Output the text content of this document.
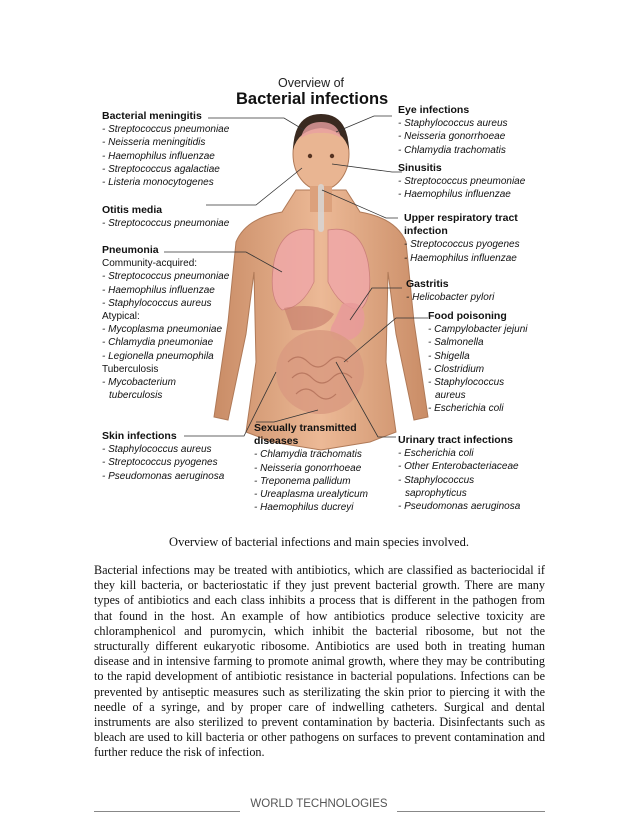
Overview of
Bacterial infections
Bacterial meningitis
- Streptococcus pneumoniae
- Neisseria meningitidis
- Haemophilus influenzae
- Streptococcus agalactiae
- Listeria monocytogenes
Otitis media
- Streptococcus pneumoniae
Pneumonia
Community-acquired:
- Streptococcus pneumoniae
- Haemophilus influenzae
- Staphylococcus aureus
Atypical:
- Mycoplasma pneumoniae
- Chlamydia pneumoniae
- Legionella pneumophila
Tuberculosis
- Mycobacterium
tuberculosis
Skin infections
- Staphylococcus aureus
- Streptococcus pyogenes
- Pseudomonas aeruginosa
Eye infections
- Staphylococcus aureus
- Neisseria gonorrhoeae
- Chlamydia trachomatis
Sinusitis
- Streptococcus pneumoniae
- Haemophilus influenzae
Upper respiratory tract
infection
- Streptococcus pyogenes
- Haemophilus influenzae
Gastritis
- Helicobacter pylori
Food poisoning
- Campylobacter jejuni
- Salmonella
- Shigella
- Clostridium
- Staphylococcus
aureus
- Escherichia coli
Sexually transmitted
diseases
- Chlamydia trachomatis
- Neisseria gonorrhoeae
- Treponema pallidum
- Ureaplasma urealyticum
- Haemophilus ducreyi
Urinary tract infections
- Escherichia coli
- Other Enterobacteriaceae
- Staphylococcus
saprophyticus
- Pseudomonas aeruginosa
Overview of bacterial infections and main species involved.

Bacterial infections may be treated with antibiotics, which are classified as bacteriocidal if they kill bacteria, or bacteriostatic if they just prevent bacterial growth. There are many types of antibiotics and each class inhibits a process that is different in the pathogen from that found in the host. An example of how antibiotics produce selective toxicity are chloramphenicol and puromycin, which inhibit the bacterial ribosome, but not the structurally different eukaryotic ribosome. Antibiotics are used both in treating human disease and in intensive farming to promote animal growth, where they may be contributing to the rapid development of antibiotic resistance in bacterial populations. Infections can be prevented by antiseptic measures such as sterilizating the skin prior to piercing it with the needle of a syringe, and by proper care of indwelling catheters. Surgical and dental instruments are also sterilized to prevent contamination by bacteria. Disinfectants such as bleach are used to kill bacteria or other pathogens on surfaces to prevent contamination and further reduce the risk of infection.

WORLD TECHNOLOGIES
